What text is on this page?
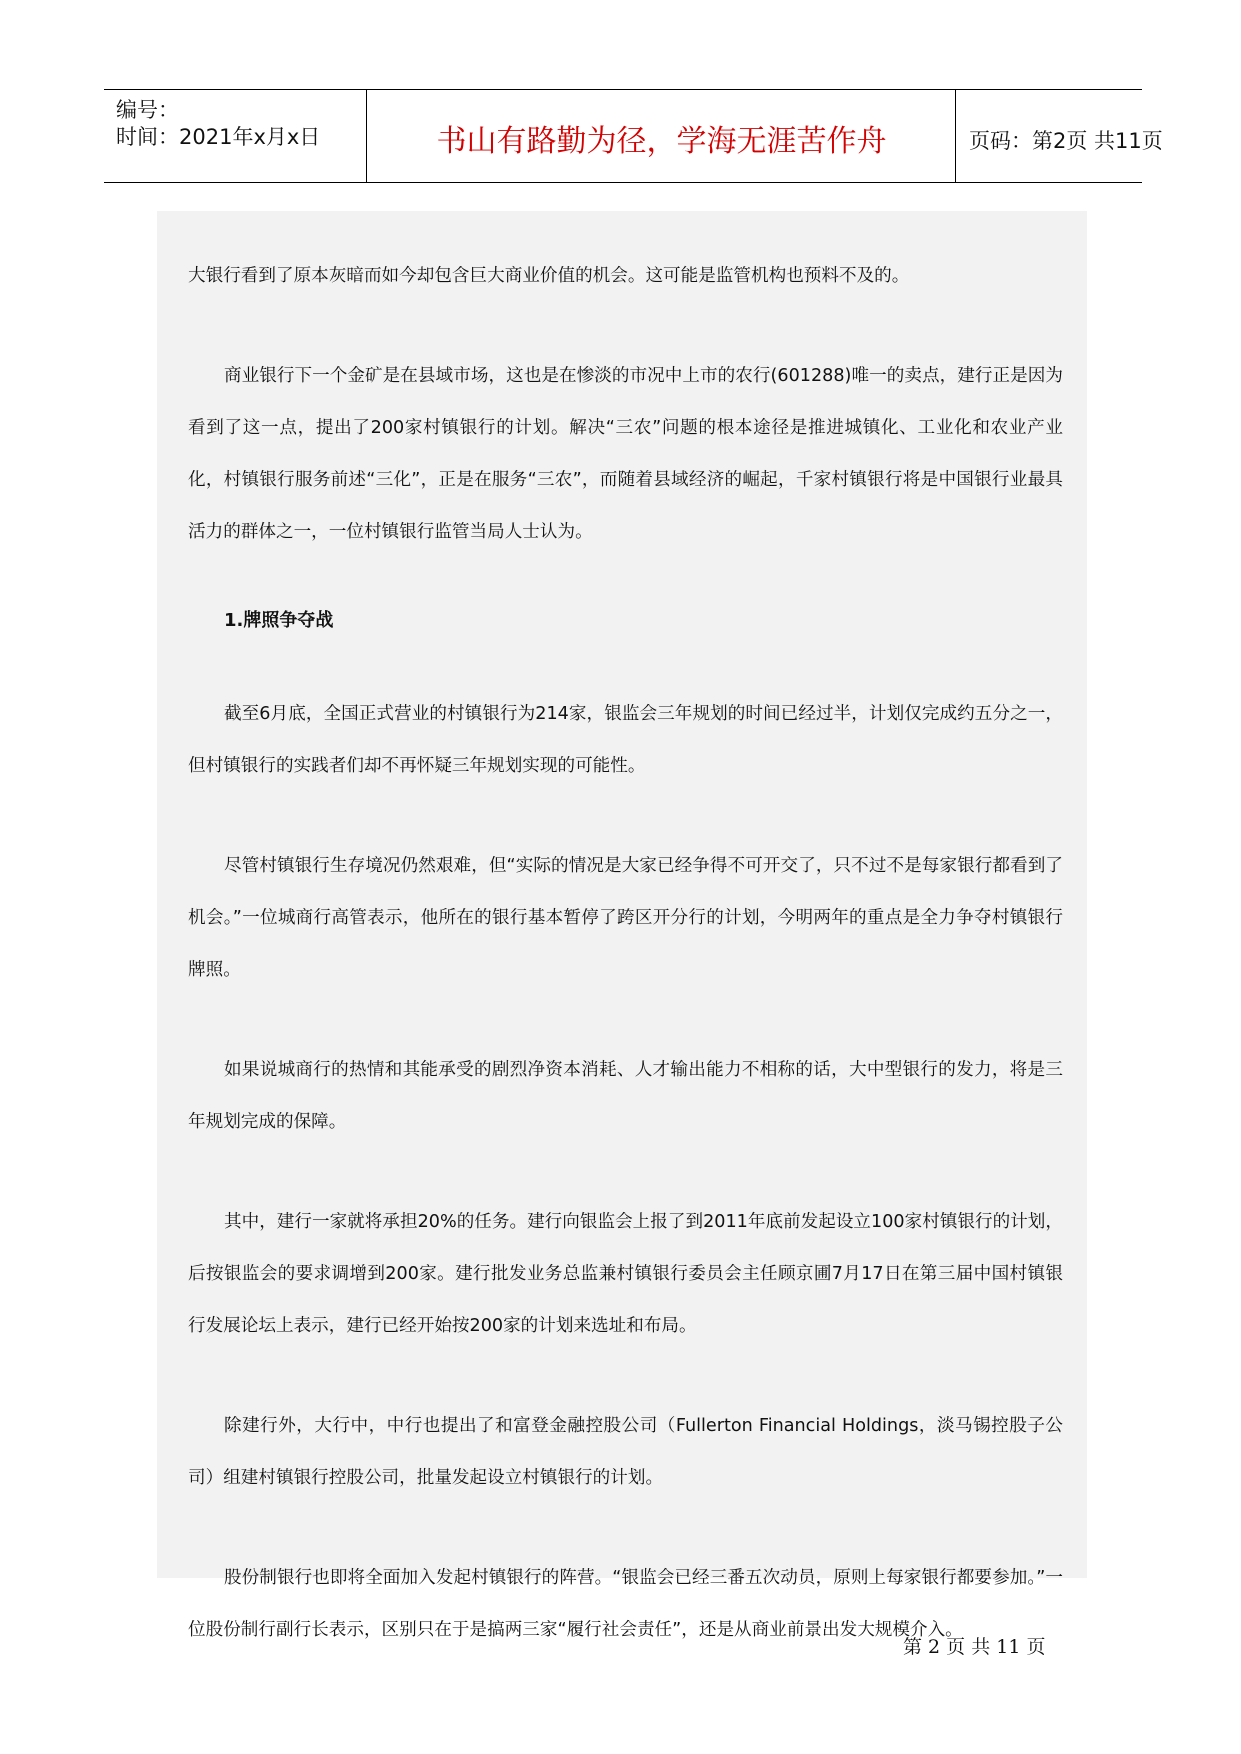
编号：
时间：2021年x月x日	书山有路勤为径，学海无涯苦作舟	页码：第2页 共11页

大银行看到了原本灰暗而如今却包含巨大商业价值的机会。这可能是监管机构也预料不及的。

商业银行下一个金矿是在县域市场，这也是在惨淡的市况中上市的农行(601288)唯一的卖点，建行正是因为看到了这一点，提出了200家村镇银行的计划。解决“三农”问题的根本途径是推进城镇化、工业化和农业产业化，村镇银行服务前述“三化”，正是在服务“三农”，而随着县域经济的崛起，千家村镇银行将是中国银行业最具活力的群体之一，一位村镇银行监管当局人士认为。

1.牌照争夺战

截至6月底，全国正式营业的村镇银行为214家，银监会三年规划的时间已经过半，计划仅完成约五分之一，但村镇银行的实践者们却不再怀疑三年规划实现的可能性。

尽管村镇银行生存境况仍然艰难，但“实际的情况是大家已经争得不可开交了，只不过不是每家银行都看到了机会。”一位城商行高管表示，他所在的银行基本暂停了跨区开分行的计划，今明两年的重点是全力争夺村镇银行牌照。

如果说城商行的热情和其能承受的剧烈净资本消耗、人才输出能力不相称的话，大中型银行的发力，将是三年规划完成的保障。

其中，建行一家就将承担20%的任务。建行向银监会上报了到2011年底前发起设立100家村镇银行的计划，后按银监会的要求调增到200家。建行批发业务总监兼村镇银行委员会主任顾京圃7月17日在第三届中国村镇银行发展论坛上表示，建行已经开始按200家的计划来选址和布局。

除建行外，大行中，中行也提出了和富登金融控股公司（Fullerton Financial Holdings，淡马锡控股子公司）组建村镇银行控股公司，批量发起设立村镇银行的计划。

股份制银行也即将全面加入发起村镇银行的阵营。“银监会已经三番五次动员，原则上每家银行都要参加。”一位股份制行副行长表示，区别只在于是搞两三家“履行社会责任”，还是从商业前景出发大规模介入。

第 2 页 共 11 页
